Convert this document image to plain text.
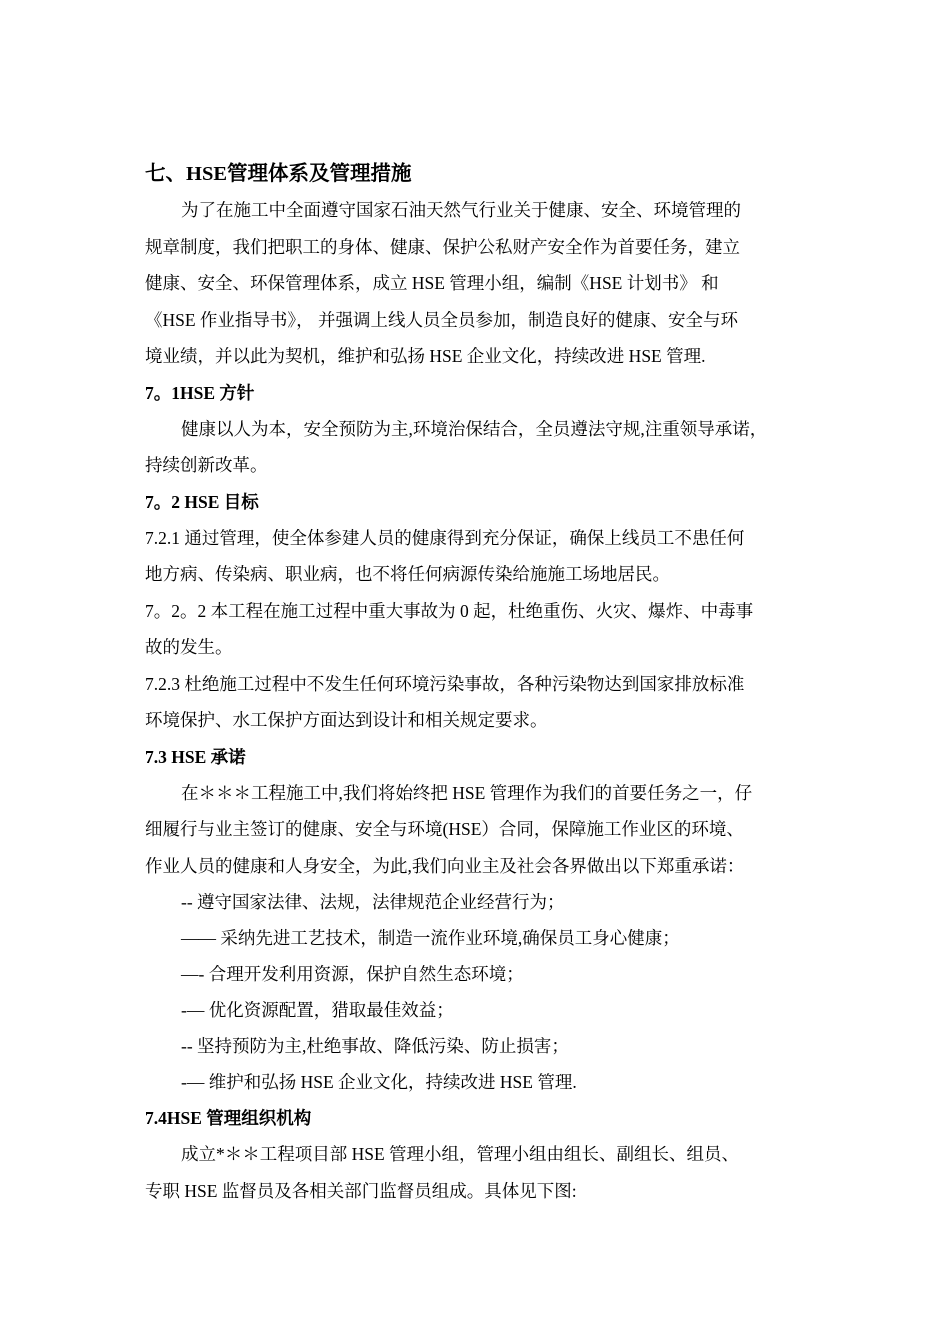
七、HSE管理体系及管理措施
为了在施工中全面遵守国家石油天然气行业关于健康、安全、环境管理的
规章制度，我们把职工的身体、健康、保护公私财产安全作为首要任务，建立
健康、安全、环保管理体系，成立 HSE 管理小组，编制《HSE 计划书》 和
《HSE 作业指导书》， 并强调上线人员全员参加，制造良好的健康、安全与环
境业绩，并以此为契机，维护和弘扬 HSE 企业文化，持续改进 HSE 管理.
7。1HSE 方针
健康以人为本，安全预防为主,环境治保结合，全员遵法守规,注重领导承诺，
持续创新改革。
7。2 HSE 目标
7.2.1 通过管理，使全体参建人员的健康得到充分保证，确保上线员工不患任何
地方病、传染病、职业病，也不将任何病源传染给施施工场地居民。
7。2。2 本工程在施工过程中重大事故为 0 起，杜绝重伤、火灾、爆炸、中毒事
故的发生。
7.2.3 杜绝施工过程中不发生任何环境污染事故，各种污染物达到国家排放标准
环境保护、水工保护方面达到设计和相关规定要求。
7.3 HSE 承诺
在＊＊＊工程施工中,我们将始终把 HSE 管理作为我们的首要任务之一，仔
细履行与业主签订的健康、安全与环境(HSE）合同，保障施工作业区的环境、
作业人员的健康和人身安全，为此,我们向业主及社会各界做出以下郑重承诺：

-- 遵守国家法律、法规，法律规范企业经营行为；

—— 采纳先进工艺技术，制造一流作业环境,确保员工身心健康；

—- 合理开发利用资源，保护自然生态环境；

-— 优化资源配置，猎取最佳效益；

-- 坚持预防为主,杜绝事故、降低污染、防止损害；

-— 维护和弘扬 HSE 企业文化，持续改进 HSE 管理.

7.4HSE 管理组织机构
成立*＊＊工程项目部 HSE 管理小组，管理小组由组长、副组长、组员、
专职 HSE 监督员及各相关部门监督员组成。具体见下图:
